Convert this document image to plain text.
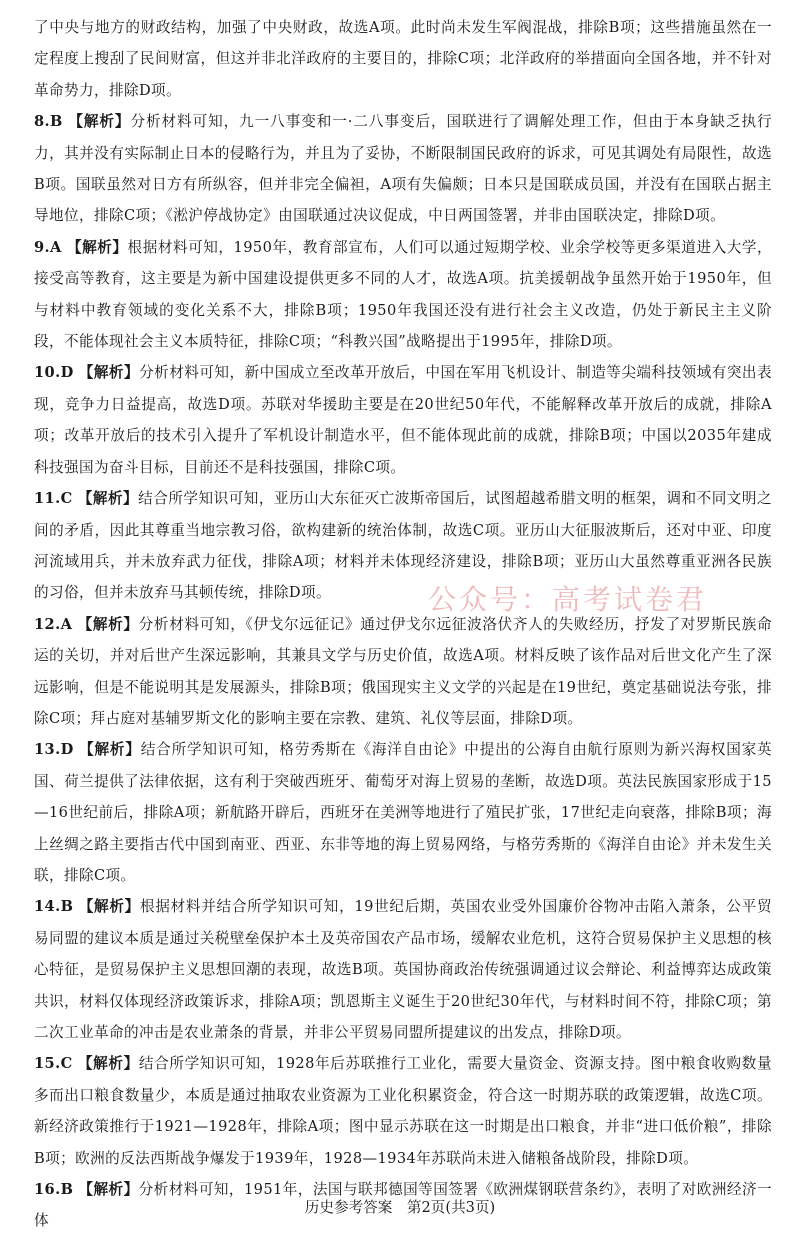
了中央与地方的财政结构，加强了中央财政，故选A项。此时尚未发生军阀混战，排除B项；这些措施虽然在一定程度上搜刮了民间财富，但这并非北洋政府的主要目的，排除C项；北洋政府的举措面向全国各地，并不针对革命势力，排除D项。

8.B 【解析】分析材料可知，九一八事变和一·二八事变后，国联进行了调解处理工作，但由于本身缺乏执行力，其并没有实际制止日本的侵略行为，并且为了妥协，不断限制国民政府的诉求，可见其调处有局限性，故选B项。国联虽然对日方有所纵容，但并非完全偏袒，A项有失偏颇；日本只是国联成员国，并没有在国联占据主导地位，排除C项；《淞沪停战协定》由国联通过决议促成，中日两国签署，并非由国联决定，排除D项。

9.A 【解析】根据材料可知，1950年，教育部宣布，人们可以通过短期学校、业余学校等更多渠道进入大学，接受高等教育，这主要是为新中国建设提供更多不同的人才，故选A项。抗美援朝战争虽然开始于1950年，但与材料中教育领域的变化关系不大，排除B项；1950年我国还没有进行社会主义改造，仍处于新民主主义阶段，不能体现社会主义本质特征，排除C项；“科教兴国”战略提出于1995年，排除D项。

10.D 【解析】分析材料可知，新中国成立至改革开放后，中国在军用飞机设计、制造等尖端科技领域有突出表现，竞争力日益提高，故选D项。苏联对华援助主要是在20世纪50年代，不能解释改革开放后的成就，排除A项；改革开放后的技术引入提升了军机设计制造水平，但不能体现此前的成就，排除B项；中国以2035年建成科技强国为奋斗目标，目前还不是科技强国，排除C项。

11.C 【解析】结合所学知识可知，亚历山大东征灭亡波斯帝国后，试图超越希腊文明的框架，调和不同文明之间的矛盾，因此其尊重当地宗教习俗，欲构建新的统治体制，故选C项。亚历山大征服波斯后，还对中亚、印度河流域用兵，并未放弃武力征伐，排除A项；材料并未体现经济建设，排除B项；亚历山大虽然尊重亚洲各民族的习俗，但并未放弃马其顿传统，排除D项。

12.A 【解析】分析材料可知，《伊戈尔远征记》通过伊戈尔远征波洛伏齐人的失败经历，抒发了对罗斯民族命运的关切，并对后世产生深远影响，其兼具文学与历史价值，故选A项。材料反映了该作品对后世文化产生了深远影响，但是不能说明其是发展源头，排除B项；俄国现实主义文学的兴起是在19世纪，奠定基础说法夸张，排除C项；拜占庭对基辅罗斯文化的影响主要在宗教、建筑、礼仪等层面，排除D项。

13.D 【解析】结合所学知识可知，格劳秀斯在《海洋自由论》中提出的公海自由航行原则为新兴海权国家英国、荷兰提供了法律依据，这有利于突破西班牙、葡萄牙对海上贸易的垄断，故选D项。英法民族国家形成于15—16世纪前后，排除A项；新航路开辟后，西班牙在美洲等地进行了殖民扩张，17世纪走向衰落，排除B项；海上丝绸之路主要指古代中国到南亚、西亚、东非等地的海上贸易网络，与格劳秀斯的《海洋自由论》并未发生关联，排除C项。

14.B 【解析】根据材料并结合所学知识可知，19世纪后期，英国农业受外国廉价谷物冲击陷入萧条，公平贸易同盟的建议本质是通过关税壁垒保护本土及英帝国农产品市场，缓解农业危机，这符合贸易保护主义思想的核心特征，是贸易保护主义思想回潮的表现，故选B项。英国协商政治传统强调通过议会辩论、利益博弈达成政策共识，材料仅体现经济政策诉求，排除A项；凯恩斯主义诞生于20世纪30年代，与材料时间不符，排除C项；第二次工业革命的冲击是农业萧条的背景，并非公平贸易同盟所提建议的出发点，排除D项。

15.C 【解析】结合所学知识可知，1928年后苏联推行工业化，需要大量资金、资源支持。图中粮食收购数量多而出口粮食数量少，本质是通过抽取农业资源为工业化积累资金，符合这一时期苏联的政策逻辑，故选C项。新经济政策推行于1921—1928年，排除A项；图中显示苏联在这一时期是出口粮食，并非“进口低价粮”，排除B项；欧洲的反法西斯战争爆发于1939年，1928—1934年苏联尚未进入储粮备战阶段，排除D项。

16.B 【解析】分析材料可知，1951年，法国与联邦德国等国签署《欧洲煤钢联营条约》，表明了对欧洲经济一体

公众号：高考试卷君
历史参考答案　第2页(共3页)
